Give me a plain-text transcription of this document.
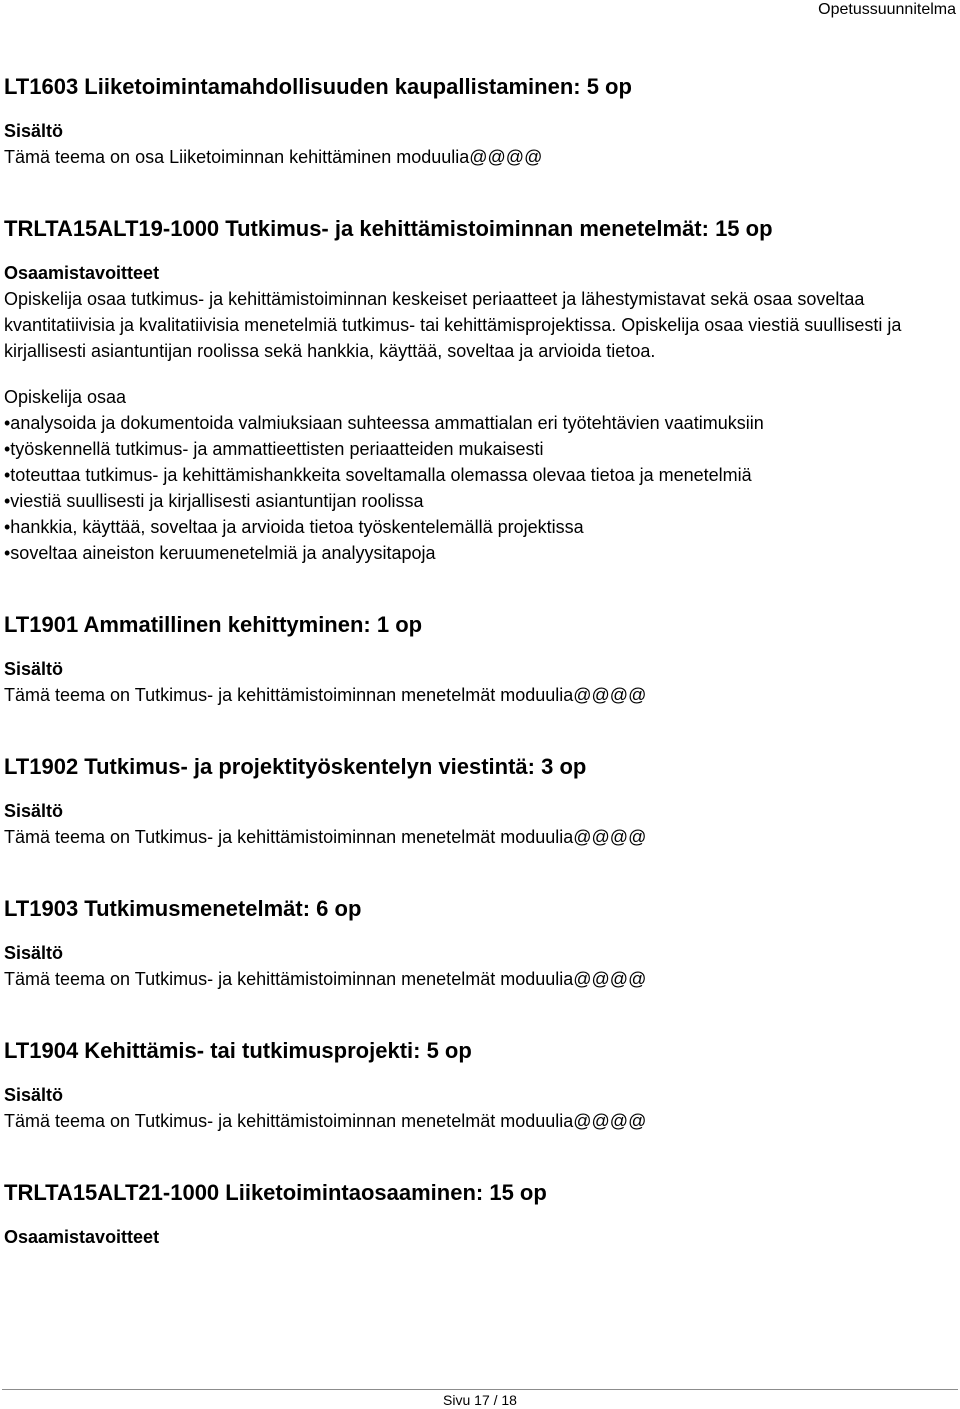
Opetussuunnitelma
LT1603 Liiketoimintamahdollisuuden kaupallistaminen: 5 op
Sisältö
Tämä teema on osa Liiketoiminnan kehittäminen moduulia@@@@
TRLTA15ALT19-1000 Tutkimus- ja kehittämistoiminnan menetelmät: 15 op
Osaamistavoitteet
Opiskelija osaa tutkimus- ja kehittämistoiminnan keskeiset periaatteet ja lähestymistavat sekä osaa soveltaa kvantitatiivisia ja kvalitatiivisia menetelmiä tutkimus- tai kehittämisprojektissa. Opiskelija osaa viestiä suullisesti ja kirjallisesti asiantuntijan roolissa sekä hankkia, käyttää, soveltaa ja arvioida tietoa.
Opiskelija osaa
•analysoida ja dokumentoida valmiuksiaan suhteessa ammattialan eri työtehtävien vaatimuksiin
•työskennellä tutkimus- ja ammattieettisten periaatteiden mukaisesti
•toteuttaa tutkimus- ja kehittämishankkeita soveltamalla olemassa olevaa tietoa ja menetelmiä
•viestiä suullisesti ja kirjallisesti asiantuntijan roolissa
•hankkia, käyttää, soveltaa ja arvioida tietoa työskentelemällä projektissa
•soveltaa aineiston keruumenetelmiä ja analyysitapoja
LT1901 Ammatillinen kehittyminen: 1 op
Sisältö
Tämä teema on Tutkimus- ja kehittämistoiminnan menetelmät moduulia@@@@
LT1902 Tutkimus- ja projektityöskentelyn viestintä: 3 op
Sisältö
Tämä teema on Tutkimus- ja kehittämistoiminnan menetelmät moduulia@@@@
LT1903 Tutkimusmenetelmät: 6 op
Sisältö
Tämä teema on Tutkimus- ja kehittämistoiminnan menetelmät moduulia@@@@
LT1904 Kehittämis- tai tutkimusprojekti: 5 op
Sisältö
Tämä teema on Tutkimus- ja kehittämistoiminnan menetelmät moduulia@@@@
TRLTA15ALT21-1000 Liiketoimintaosaaminen: 15 op
Osaamistavoitteet
Sivu 17 / 18
